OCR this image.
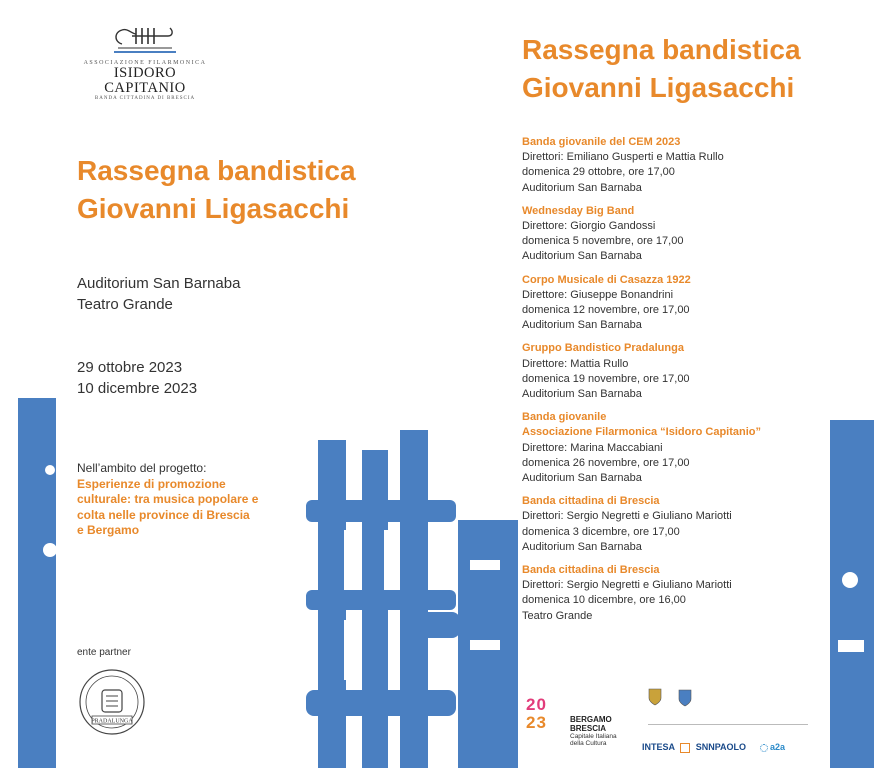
ASSOCIAZIONE FILARMONICA
ISIDORO CAPITANIO
BANDA CITTADINA DI BRESCIA
Rassegna bandistica
Giovanni Ligasacchi
Auditorium San Barnaba
Teatro Grande
29 ottobre 2023
10 dicembre 2023
Nell’ambito del progetto:
Esperienze di promozione
culturale: tra musica popolare e
colta nelle province di Brescia
e Bergamo
ente partner
PRADALUNGA
Rassegna bandistica
Giovanni Ligasacchi
Banda giovanile del CEM 2023
Direttori: Emiliano Gusperti e Mattia Rullo
domenica 29 ottobre, ore 17,00
Auditorium San Barnaba
Wednesday Big Band
Direttore: Giorgio Gandossi
domenica 5 novembre, ore 17,00
Auditorium San Barnaba
Corpo Musicale di Casazza 1922
Direttore: Giuseppe Bonandrini
domenica 12 novembre, ore 17,00
Auditorium San Barnaba
Gruppo Bandistico Pradalunga
Direttore: Mattia Rullo
domenica 19 novembre, ore 17,00
Auditorium San Barnaba
Banda giovanile
Associazione Filarmonica “Isidoro Capitanio”
Direttore: Marina Maccabiani
domenica 26 novembre, ore 17,00
Auditorium San Barnaba
Banda cittadina di Brescia
Direttori: Sergio Negretti e Giuliano Mariotti
domenica 3 dicembre, ore 17,00
Auditorium San Barnaba
Banda cittadina di Brescia
Direttori: Sergio Negretti e Giuliano Mariotti
domenica 10 dicembre, ore 16,00
Teatro Grande
20
23	BERGAMO
BRESCIA
Capitale Italiana
della Cultura	INTESA SNNPAOLO	a2a
